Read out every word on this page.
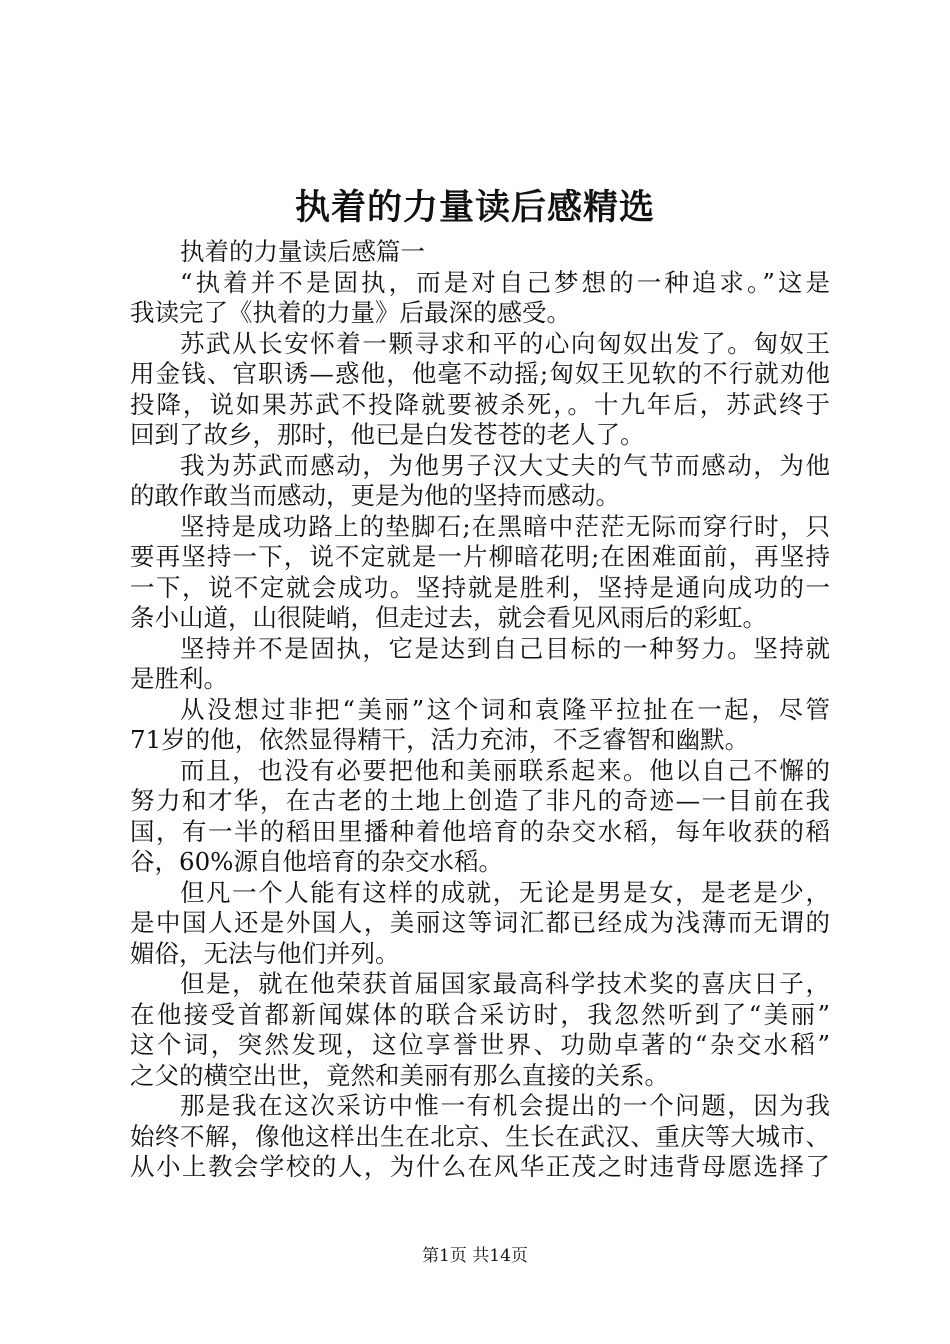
执着的力量读后感精选
执着的力量读后感篇一
“执着并不是固执，而是对自己梦想的一种追求。”这是
我读完了《执着的力量》后最深的感受。
苏武从长安怀着一颗寻求和平的心向匈奴出发了。匈奴王
用金钱、官职诱—惑他，他毫不动摇;匈奴王见软的不行就劝他
投降，说如果苏武不投降就要被杀死，。十九年后，苏武终于
回到了故乡，那时，他已是白发苍苍的老人了。
我为苏武而感动，为他男子汉大丈夫的气节而感动，为他
的敢作敢当而感动，更是为他的坚持而感动。
坚持是成功路上的垫脚石;在黑暗中茫茫无际而穿行时，只
要再坚持一下，说不定就是一片柳暗花明;在困难面前，再坚持
一下，说不定就会成功。坚持就是胜利，坚持是通向成功的一
条小山道，山很陡峭，但走过去，就会看见风雨后的彩虹。
坚持并不是固执，它是达到自己目标的一种努力。坚持就
是胜利。
从没想过非把“美丽”这个词和袁隆平拉扯在一起，尽管
71岁的他，依然显得精干，活力充沛，不乏睿智和幽默。
而且，也没有必要把他和美丽联系起来。他以自己不懈的
努力和才华，在古老的土地上创造了非凡的奇迹—一目前在我
国，有一半的稻田里播种着他培育的杂交水稻，每年收获的稻
谷，60%源自他培育的杂交水稻。
但凡一个人能有这样的成就，无论是男是女，是老是少，
是中国人还是外国人，美丽这等词汇都已经成为浅薄而无谓的
媚俗，无法与他们并列。
但是，就在他荣获首届国家最高科学技术奖的喜庆日子，
在他接受首都新闻媒体的联合采访时，我忽然听到了“美丽”
这个词，突然发现，这位享誉世界、功勋卓著的“杂交水稻”
之父的横空出世，竟然和美丽有那么直接的关系。
那是我在这次采访中惟一有机会提出的一个问题，因为我
始终不解，像他这样出生在北京、生长在武汉、重庆等大城市、
从小上教会学校的人，为什么在风华正茂之时违背母愿选择了
第1页 共14页
